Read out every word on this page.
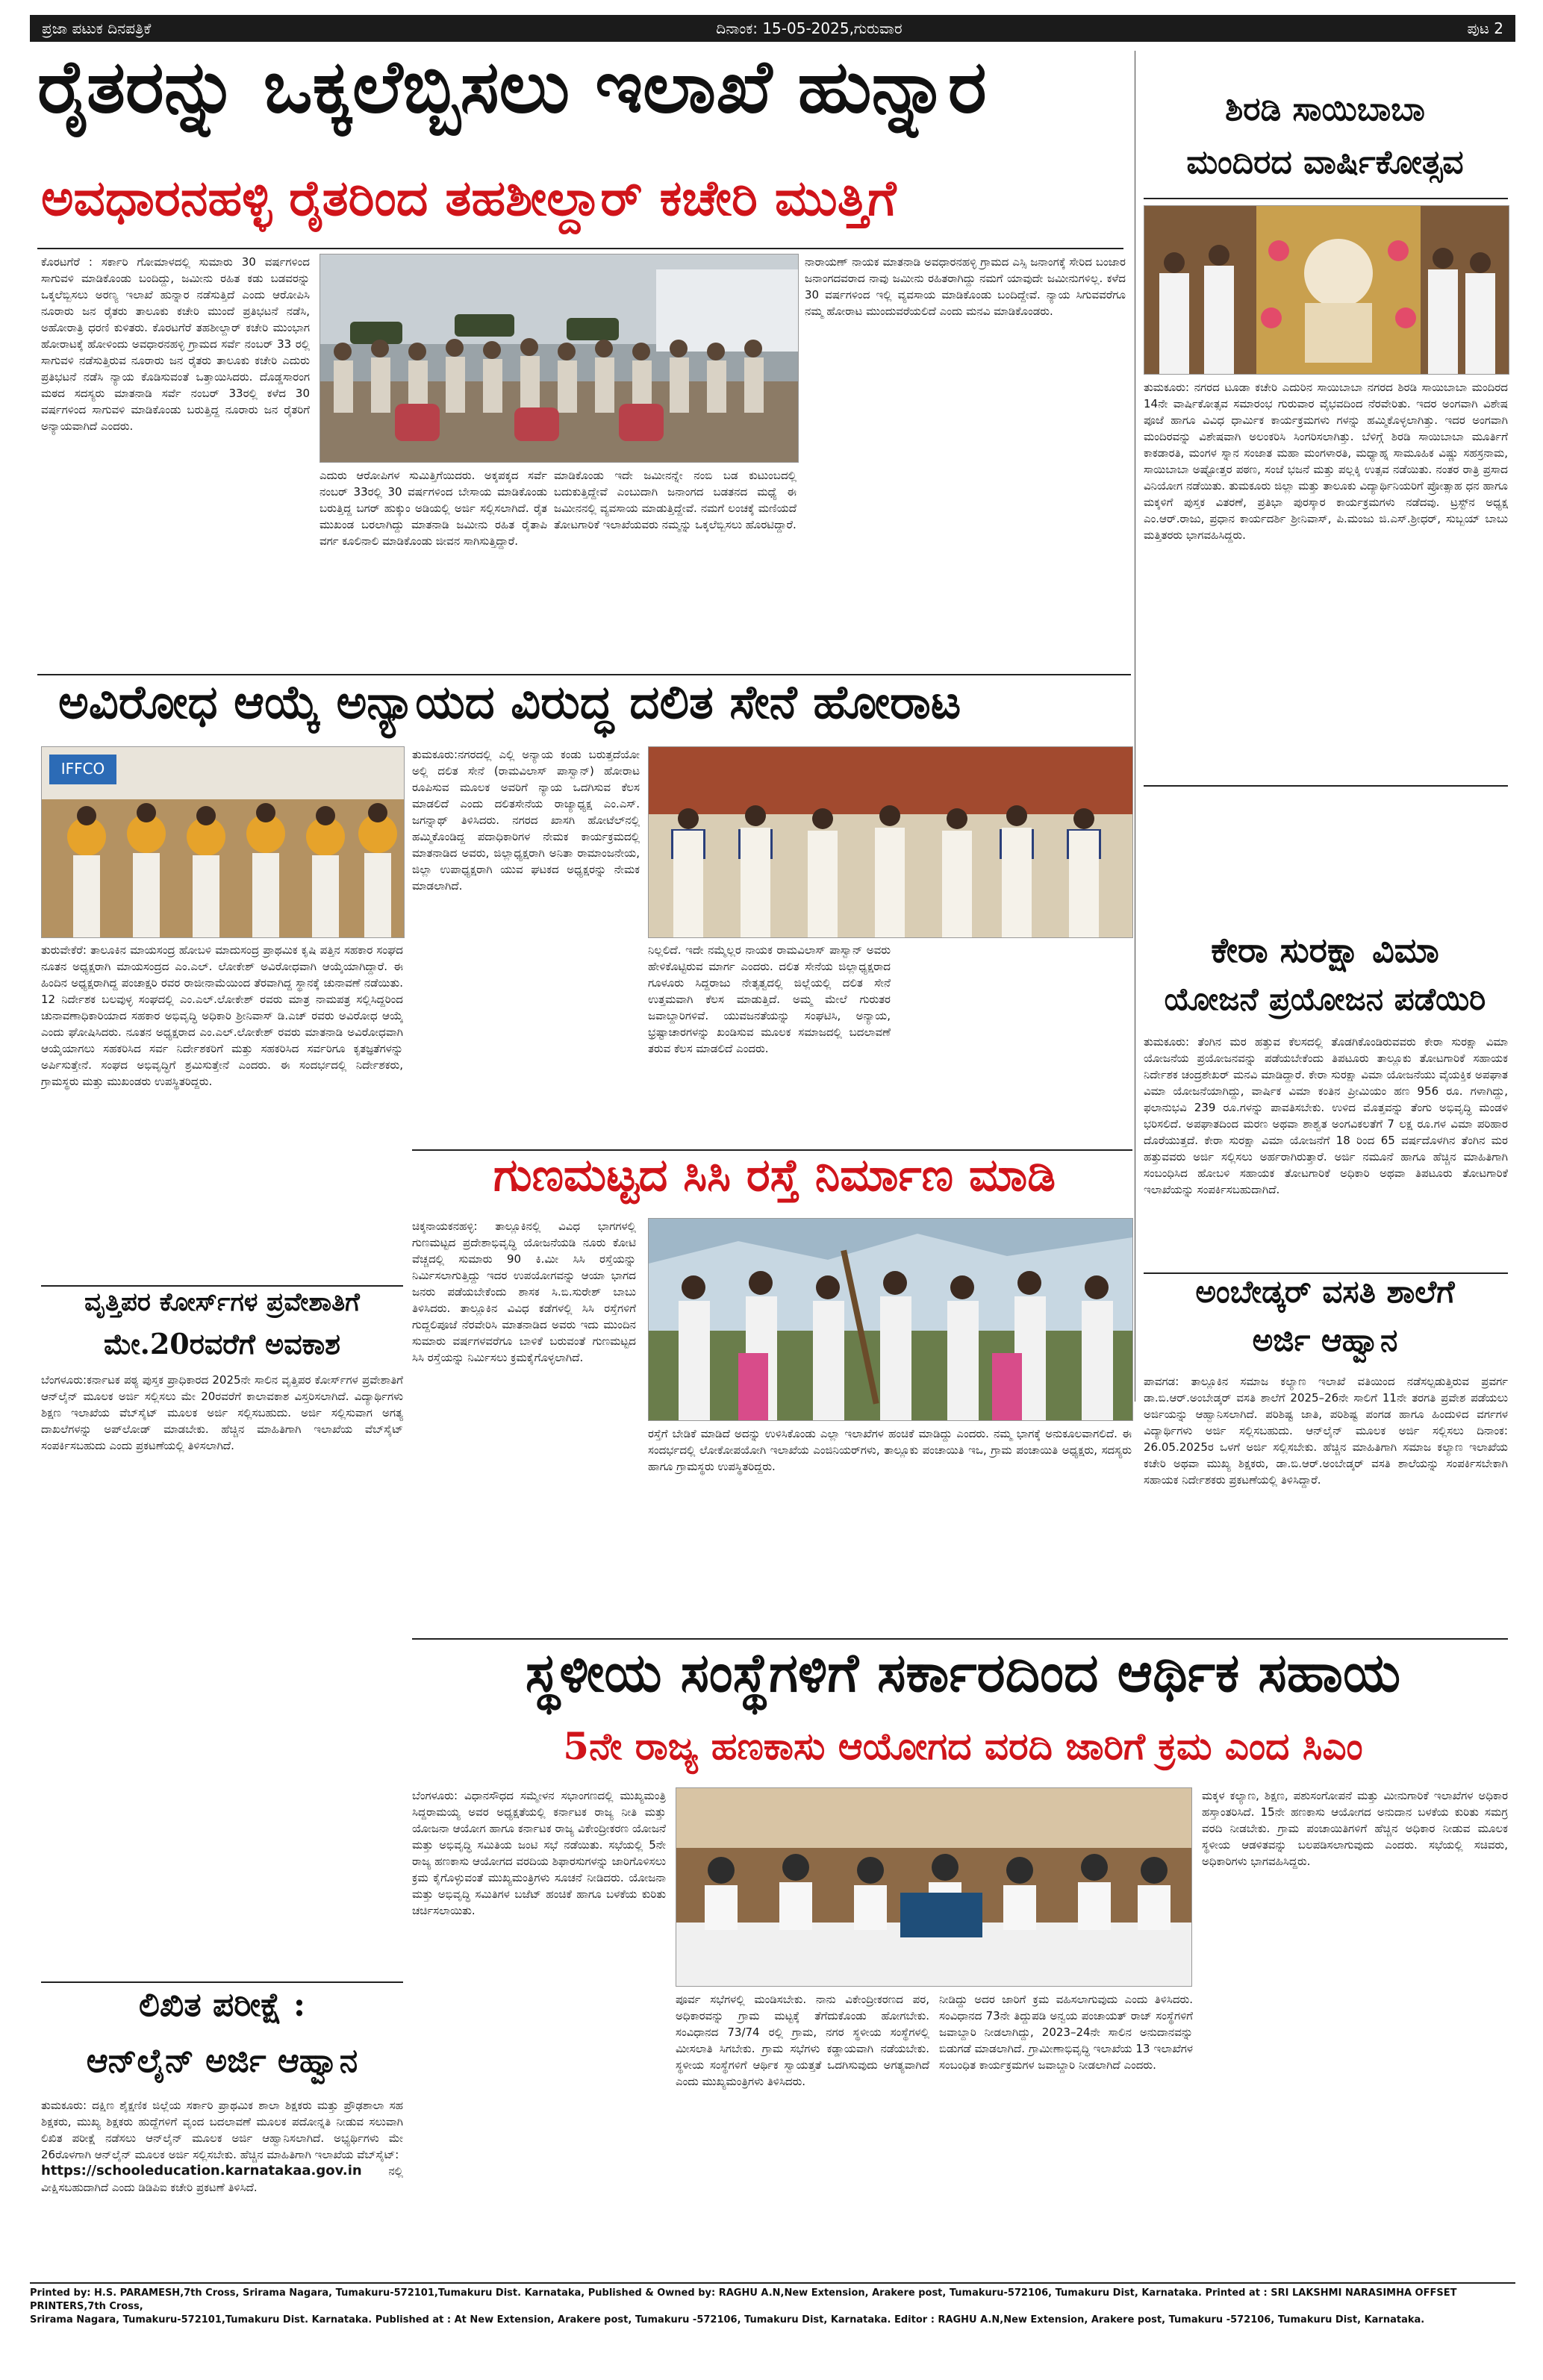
ಪ್ರಜಾ ಪಟುಕ ದಿನಪತ್ರಿಕೆ	ದಿನಾಂಕ: 15-05-2025,ಗುರುವಾರ	ಪುಟ 2
ರೈತರನ್ನು ಒಕ್ಕಲೆಬ್ಬಿಸಲು ಇಲಾಖೆ ಹುನ್ನಾರ
ಅವಧಾರನಹಳ್ಳಿ ರೈತರಿಂದ ತಹಶೀಲ್ದಾರ್ ಕಚೇರಿ ಮುತ್ತಿಗೆ
ಕೊರಟಗೆರೆ : ಸರ್ಕಾರಿ ಗೋಮಾಳದಲ್ಲಿ ಸುಮಾರು 30 ವರ್ಷಗಳಿಂದ ಸಾಗುವಳಿ ಮಾಡಿಕೊಂಡು ಬಂದಿದ್ದು, ಜಮೀನು ರಹಿತ ಕಡು ಬಡವರನ್ನು ಒಕ್ಕಲೆಬ್ಬಿಸಲು ಅರಣ್ಯ ಇಲಾಖೆ ಹುನ್ನಾರ ನಡೆಸುತ್ತಿದೆ ಎಂದು ಆರೋಪಿಸಿ ನೂರಾರು ಜನ ರೈತರು ತಾಲೂಕು ಕಚೇರಿ ಮುಂದೆ ಪ್ರತಿಭಟನೆ ನಡೆಸಿ, ಅಹೋರಾತ್ರಿ ಧರಣಿ ಕುಳಿತರು. ಕೊರಟಗೆರೆ ತಹಶೀಲ್ದಾರ್ ಕಚೇರಿ ಮುಂಭಾಗ ಹೋರಾಟಕ್ಕೆ ಹೋಳಿಂದು ಅವಧಾರನಹಳ್ಳಿ ಗ್ರಾಮದ ಸರ್ವೆ ನಂಬರ್ 33 ರಲ್ಲಿ ಸಾಗುವಳಿ ನಡೆಸುತ್ತಿರುವ ನೂರಾರು ಜನ ರೈತರು ತಾಲೂಕು ಕಚೇರಿ ಎದುರು ಪ್ರತಿಭಟನೆ ನಡೆಸಿ ನ್ಯಾಯ ಕೊಡಿಸುವಂತೆ ಒತ್ತಾಯಿಸಿದರು. ದೊಡ್ಡಸಾರಂಗ ಮಠದ ಸದಸ್ಯರು ಮಾತನಾಡಿ ಸರ್ವೆ ನಂಬರ್ 33ರಲ್ಲಿ ಕಳೆದ 30 ವರ್ಷಗಳಿಂದ ಸಾಗುವಳಿ ಮಾಡಿಕೊಂಡು ಬರುತ್ತಿದ್ದ ನೂರಾರು ಜನ ರೈತರಿಗೆ ಅನ್ಯಾಯವಾಗಿದೆ ಎಂದರು.
ಎದುರು ಆರೋಪಿಗಳ ಸುಮಿತ್ತಿಗೆಯಿದರು. ಅಕ್ಕಪಕ್ಕದ ಸರ್ವೆ ನಂಬರ್ 33ರಲ್ಲಿ 30 ವರ್ಷಗಳಿಂದ ಬೇಸಾಯ ಮಾಡಿಕೊಂಡು ಬರುತ್ತಿದ್ದ ಬಗರ್ ಹುಕ್ಕುಂ ಅಡಿಯಲ್ಲಿ ಅರ್ಜಿ ಸಲ್ಲಿಸಲಾಗಿದೆ. ರೈತ ಮುಖಂಡ ಬರಲಾಗಿದ್ದು ಮಾತನಾಡಿ ಜಮೀನು ರಹಿತ ರೈತಾಪಿ ವರ್ಗ ಕೂಲಿನಾಲಿ ಮಾಡಿಕೊಂಡು ಜೀವನ ಸಾಗಿಸುತ್ತಿದ್ದಾರೆ.
ಮಾಡಿಕೊಂಡು ಇದೇ ಜಮೀನನ್ನೇ ನಂಬಿ ಬಡ ಕುಟುಂಬದಲ್ಲಿ ಬದುಕುತ್ತಿದ್ದೇವೆ ಎಂಬುದಾಗಿ ಜನಾಂಗದ ಬಡತನದ ಮಧ್ಯೆ ಈ ಜಮೀನನಲ್ಲಿ ವ್ಯವಸಾಯ ಮಾಡುತ್ತಿದ್ದೇವೆ. ನಮಗೆ ಲಂಚಕ್ಕೆ ಮಣಿಯದೆ ತೋಟಗಾರಿಕೆ ಇಲಾಖೆಯವರು ನಮ್ಮನ್ನು ಒಕ್ಕಲೆಬ್ಬಿಸಲು ಹೊರಟಿದ್ದಾರೆ.
ನಾರಾಯಣ್ ನಾಯಕ ಮಾತನಾಡಿ ಅವಧಾರನಹಳ್ಳಿ ಗ್ರಾಮದ ಎಸ್ಸಿ ಜನಾಂಗಕ್ಕೆ ಸೇರಿದ ಬಂಜಾರ ಜನಾಂಗದವರಾದ ನಾವು ಜಮೀನು ರಹಿತರಾಗಿದ್ದು ನಮಗೆ ಯಾವುದೇ ಜಮೀನುಗಳಿಲ್ಲ. ಕಳೆದ 30 ವರ್ಷಗಳಿಂದ ಇಲ್ಲಿ ವ್ಯವಸಾಯ ಮಾಡಿಕೊಂಡು ಬಂದಿದ್ದೇವೆ. ನ್ಯಾಯ ಸಿಗುವವರೆಗೂ ನಮ್ಮ ಹೋರಾಟ ಮುಂದುವರೆಯಲಿದೆ ಎಂದು ಮನವಿ ಮಾಡಿಕೊಂಡರು.
ಶಿರಡಿ ಸಾಯಿಬಾಬಾ
ಮಂದಿರದ ವಾರ್ಷಿಕೋತ್ಸವ
ತುಮಕೂರು: ನಗರದ ಟೂಡಾ ಕಚೇರಿ ಎದುರಿನ ಸಾಯಿಬಾಬಾ ನಗರದ ಶಿರಡಿ ಸಾಯಿಬಾಬಾ ಮಂದಿರದ 14ನೇ ವಾರ್ಷಿಕೋತ್ಸವ ಸಮಾರಂಭ ಗುರುವಾರ ವೈಭವದಿಂದ ನೆರವೇರಿತು. ಇದರ ಅಂಗವಾಗಿ ವಿಶೇಷ ಪೂಜೆ ಹಾಗೂ ವಿವಿಧ ಧಾರ್ಮಿಕ ಕಾರ್ಯಕ್ರಮಗಳು ಗಳನ್ನು ಹಮ್ಮಿಕೊಳ್ಳಲಾಗಿತ್ತು. ಇದರ ಅಂಗವಾಗಿ ಮಂದಿರವನ್ನು ವಿಶೇಷವಾಗಿ ಅಲಂಕರಿಸಿ ಸಿಂಗರಿಸಲಾಗಿತ್ತು. ಬೆಳಿಗ್ಗೆ ಶಿರಡಿ ಸಾಯಿಬಾಬಾ ಮೂರ್ತಿಗೆ ಕಾಕಡಾರತಿ, ಮಂಗಳ ಸ್ನಾನ ಸಂಜಾತ ಮಹಾ ಮಂಗಳಾರತಿ, ಮಧ್ಯಾಹ್ನ ಸಾಮೂಹಿಕ ವಿಷ್ಣು ಸಹಸ್ರನಾಮ, ಸಾಯಿಬಾಬಾ ಅಷ್ಟೋತ್ತರ ಪಠಣ, ಸಂಜೆ ಭಜನೆ ಮತ್ತು ಪಲ್ಲಕ್ಕಿ ಉತ್ಸವ ನಡೆಯಿತು. ನಂತರ ರಾತ್ರಿ ಪ್ರಸಾದ ವಿನಿಯೋಗ ನಡೆಯಿತು. ತುಮಕೂರು ಜಿಲ್ಲಾ ಮತ್ತು ತಾಲೂಕು ವಿದ್ಯಾರ್ಥಿನಿಯರಿಗೆ ಪ್ರೋತ್ಸಾಹ ಧನ ಹಾಗೂ ಮಕ್ಕಳಿಗೆ ಪುಸ್ತಕ ವಿತರಣೆ, ಪ್ರತಿಭಾ ಪುರಸ್ಕಾರ ಕಾರ್ಯಕ್ರಮಗಳು ನಡೆದವು. ಟ್ರಸ್ಟ್‌ನ ಅಧ್ಯಕ್ಷ ಎಂ.ಆರ್.ರಾಜು, ಪ್ರಧಾನ ಕಾರ್ಯದರ್ಶಿ ಶ್ರೀನಿವಾಸ್, ಪಿ.ಮಂಜು ಜಿ.ಎಸ್.ಶ್ರೀಧರ್, ಸುಬ್ಬಯ್ ಬಾಬು ಮತ್ತಿತರರು ಭಾಗವಹಿಸಿದ್ದರು.
ಅವಿರೋಧ ಆಯ್ಕೆ ಅನ್ಯಾಯದ ವಿರುದ್ಧ ದಲಿತ ಸೇನೆ ಹೋರಾಟ
IFFCO
ತುರುವೇಕೆರೆ: ತಾಲೂಕಿನ ಮಾಯಸಂದ್ರ ಹೋಬಳಿ ಮಾದುಸಂದ್ರ ಪ್ರಾಥಮಿಕ ಕೃಷಿ ಪತ್ತಿನ ಸಹಕಾರ ಸಂಘದ ನೂತನ ಅಧ್ಯಕ್ಷರಾಗಿ ಮಾಯಸಂದ್ರದ ಎಂ.ಎಲ್. ಲೋಕೇಶ್ ಅವಿರೋಧವಾಗಿ ಆಯ್ಕೆಯಾಗಿದ್ದಾರೆ. ಈ ಹಿಂದಿನ ಅಧ್ಯಕ್ಷರಾಗಿದ್ದ ಪಂಚಾಕ್ಷರಿ ರವರ ರಾಜೀನಾಮೆಯಿಂದ ತೆರವಾಗಿದ್ದ ಸ್ಥಾನಕ್ಕೆ ಚುನಾವಣೆ ನಡೆಯಿತು. 12 ನಿರ್ದೇಶಕ ಬಲವುಳ್ಳ ಸಂಘದಲ್ಲಿ ಎಂ.ಎಲ್.ಲೋಕೇಶ್ ರವರು ಮಾತ್ರ ನಾಮಪತ್ರ ಸಲ್ಲಿಸಿದ್ದರಿಂದ ಚುನಾವಣಾಧಿಕಾರಿಯಾದ ಸಹಕಾರ ಅಭಿವೃದ್ಧಿ ಅಧಿಕಾರಿ ಶ್ರೀನಿವಾಸ್ ಡಿ.ಎಚ್ ರವರು ಅವಿರೋಧ ಆಯ್ಕೆ ಎಂದು ಘೋಷಿಸಿದರು. ನೂತನ ಅಧ್ಯಕ್ಷರಾದ ಎಂ.ಎಲ್.ಲೋಕೇಶ್ ರವರು ಮಾತನಾಡಿ ಅವಿರೋಧವಾಗಿ ಆಯ್ಕೆಯಾಗಲು ಸಹಕರಿಸಿದ ಸರ್ವ ನಿರ್ದೇಶಕರಿಗೆ ಮತ್ತು ಸಹಕರಿಸಿದ ಸರ್ವರಿಗೂ ಕೃತಜ್ಞತೆಗಳನ್ನು ಅರ್ಪಿಸುತ್ತೇನೆ. ಸಂಘದ ಅಭಿವೃದ್ಧಿಗೆ ಶ್ರಮಿಸುತ್ತೇನೆ ಎಂದರು. ಈ ಸಂದರ್ಭದಲ್ಲಿ ನಿರ್ದೇಶಕರು, ಗ್ರಾಮಸ್ಥರು ಮತ್ತು ಮುಖಂಡರು ಉಪಸ್ಥಿತರಿದ್ದರು.
ತುಮಕೂರು:ನಗರದಲ್ಲಿ ಎಲ್ಲಿ ಅನ್ಯಾಯ ಕಂಡು ಬರುತ್ತದೆಯೋ ಅಲ್ಲಿ ದಲಿತ ಸೇನೆ (ರಾಮವಿಲಾಸ್ ಪಾಸ್ವಾನ್) ಹೋರಾಟ ರೂಪಿಸುವ ಮೂಲಕ ಅವರಿಗೆ ನ್ಯಾಯ ಒದಗಿಸುವ ಕೆಲಸ ಮಾಡಲಿದೆ ಎಂದು ದಲಿತಸೇನೆಯ ರಾಜ್ಯಾಧ್ಯಕ್ಷ ಎಂ.ಎಸ್. ಜಗನ್ನಾಥ್ ತಿಳಿಸಿದರು. ನಗರದ ಖಾಸಗಿ ಹೋಟೆಲ್‌ನಲ್ಲಿ ಹಮ್ಮಿಕೊಂಡಿದ್ದ ಪದಾಧಿಕಾರಿಗಳ ನೇಮಕ ಕಾರ್ಯಕ್ರಮದಲ್ಲಿ ಮಾತನಾಡಿದ ಅವರು, ಜಿಲ್ಲಾಧ್ಯಕ್ಷರಾಗಿ ಅನಿತಾ ರಾಮಾಂಜನೇಯ, ಜಿಲ್ಲಾ ಉಪಾಧ್ಯಕ್ಷರಾಗಿ ಯುವ ಘಟಕದ ಅಧ್ಯಕ್ಷರನ್ನು ನೇಮಕ ಮಾಡಲಾಗಿದೆ.
ನಿಲ್ಲಲಿದೆ. ಇದೇ ನಮ್ಮೆಲ್ಲರ ನಾಯಕ ರಾಮವಿಲಾಸ್ ಪಾಸ್ವಾನ್ ಅವರು ಹೇಳಿಕೊಟ್ಟಿರುವ ಮಾರ್ಗ ಎಂದರು. ದಲಿತ ಸೇನೆಯ ಜಿಲ್ಲಾಧ್ಯಕ್ಷರಾದ ಗೂಳೂರು ಸಿದ್ದರಾಜು ನೇತೃತ್ವದಲ್ಲಿ ಜಿಲ್ಲೆಯಲ್ಲಿ ದಲಿತ ಸೇನೆ ಉತ್ತಮವಾಗಿ ಕೆಲಸ ಮಾಡುತ್ತಿದೆ. ಅಮ್ಮ ಮೇಲೆ ಗುರುತರ ಜವಾಬ್ದಾರಿಗಳಿವೆ. ಯುವಜನತೆಯನ್ನು ಸಂಘಟಿಸಿ, ಅನ್ಯಾಯ, ಭ್ರಷ್ಟಾಚಾರಗಳನ್ನು ಖಂಡಿಸುವ ಮೂಲಕ ಸಮಾಜದಲ್ಲಿ ಬದಲಾವಣೆ ತರುವ ಕೆಲಸ ಮಾಡಲಿದೆ ಎಂದರು.
ಕೇರಾ ಸುರಕ್ಷಾ ವಿಮಾ
ಯೋಜನೆ ಪ್ರಯೋಜನ ಪಡೆಯಿರಿ
ತುಮಕೂರು: ತೆಂಗಿನ ಮರ ಹತ್ತುವ ಕೆಲಸದಲ್ಲಿ ತೊಡಗಿಕೊಂಡಿರುವವರು ಕೇರಾ ಸುರಕ್ಷಾ ವಿಮಾ ಯೋಜನೆಯ ಪ್ರಯೋಜನವನ್ನು ಪಡೆಯಬೇಕೆಂದು ತಿಪಟೂರು ತಾಲ್ಲೂಕು ತೋಟಗಾರಿಕೆ ಸಹಾಯಕ ನಿರ್ದೇಶಕ ಚಂದ್ರಶೇಖರ್ ಮನವಿ ಮಾಡಿದ್ದಾರೆ. ಕೇರಾ ಸುರಕ್ಷಾ ವಿಮಾ ಯೋಜನೆಯು ವೈಯಕ್ತಿಕ ಅಪಘಾತ ವಿಮಾ ಯೋಜನೆಯಾಗಿದ್ದು, ವಾರ್ಷಿಕ ವಿಮಾ ಕಂತಿನ ಪ್ರೀಮಿಯಂ ಹಣ 956 ರೂ. ಗಳಾಗಿದ್ದು, ಫಲಾನುಭವಿ 239 ರೂ.ಗಳನ್ನು ಪಾವತಿಸಬೇಕು. ಉಳಿದ ಮೊತ್ತವನ್ನು ತೆಂಗು ಅಭಿವೃದ್ಧಿ ಮಂಡಳಿ ಭರಿಸಲಿದೆ. ಅಪಘಾತದಿಂದ ಮರಣ ಅಥವಾ ಶಾಶ್ವತ ಅಂಗವಿಕಲತೆಗೆ 7 ಲಕ್ಷ ರೂ.ಗಳ ವಿಮಾ ಪರಿಹಾರ ದೊರೆಯುತ್ತದೆ. ಕೇರಾ ಸುರಕ್ಷಾ ವಿಮಾ ಯೋಜನೆಗೆ 18 ರಿಂದ 65 ವರ್ಷದೊಳಗಿನ ತೆಂಗಿನ ಮರ ಹತ್ತುವವರು ಅರ್ಜಿ ಸಲ್ಲಿಸಲು ಅರ್ಹರಾಗಿರುತ್ತಾರೆ. ಅರ್ಜಿ ನಮೂನೆ ಹಾಗೂ ಹೆಚ್ಚಿನ ಮಾಹಿತಿಗಾಗಿ ಸಂಬಂಧಿಸಿದ ಹೋಬಳಿ ಸಹಾಯಕ ತೋಟಗಾರಿಕೆ ಅಧಿಕಾರಿ ಅಥವಾ ತಿಪಟೂರು ತೋಟಗಾರಿಕೆ ಇಲಾಖೆಯನ್ನು ಸಂಪರ್ಕಿಸಬಹುದಾಗಿದೆ.
ಅಂಬೇಡ್ಕರ್ ವಸತಿ ಶಾಲೆಗೆ
ಅರ್ಜಿ ಆಹ್ವಾನ
ಪಾವಗಡ: ತಾಲ್ಲೂಕಿನ ಸಮಾಜ ಕಲ್ಯಾಣ ಇಲಾಖೆ ವತಿಯಿಂದ ನಡೆಸಲ್ಪಡುತ್ತಿರುವ ಪ್ರವರ್ಗ ಡಾ.ಬಿ.ಆರ್.ಅಂಬೇಡ್ಕರ್ ವಸತಿ ಶಾಲೆಗೆ 2025–26ನೇ ಸಾಲಿಗೆ 11ನೇ ತರಗತಿ ಪ್ರವೇಶ ಪಡೆಯಲು ಅರ್ಜಿಯನ್ನು ಆಹ್ವಾನಿಸಲಾಗಿದೆ. ಪರಿಶಿಷ್ಟ ಜಾತಿ, ಪರಿಶಿಷ್ಟ ಪಂಗಡ ಹಾಗೂ ಹಿಂದುಳಿದ ವರ್ಗಗಳ ವಿದ್ಯಾರ್ಥಿಗಳು ಅರ್ಜಿ ಸಲ್ಲಿಸಬಹುದು. ಆನ್‌ಲೈನ್ ಮೂಲಕ ಅರ್ಜಿ ಸಲ್ಲಿಸಲು ದಿನಾಂಕ: 26.05.2025ರ ಒಳಗೆ ಅರ್ಜಿ ಸಲ್ಲಿಸಬೇಕು. ಹೆಚ್ಚಿನ ಮಾಹಿತಿಗಾಗಿ ಸಮಾಜ ಕಲ್ಯಾಣ ಇಲಾಖೆಯ ಕಚೇರಿ ಅಥವಾ ಮುಖ್ಯ ಶಿಕ್ಷಕರು, ಡಾ.ಬಿ.ಆರ್.ಅಂಬೇಡ್ಕರ್ ವಸತಿ ಶಾಲೆಯನ್ನು ಸಂಪರ್ಕಿಸಬೇಕಾಗಿ ಸಹಾಯಕ ನಿರ್ದೇಶಕರು ಪ್ರಕಟಣೆಯಲ್ಲಿ ತಿಳಿಸಿದ್ದಾರೆ.
ಗುಣಮಟ್ಟದ ಸಿಸಿ ರಸ್ತೆ ನಿರ್ಮಾಣ ಮಾಡಿ
ಚಿಕ್ಕನಾಯಕನಹಳ್ಳಿ: ತಾಲ್ಲೂಕಿನಲ್ಲಿ ವಿವಿಧ ಭಾಗಗಳಲ್ಲಿ ಗುಣಮಟ್ಟದ ಪ್ರದೇಶಾಭಿವೃದ್ಧಿ ಯೋಜನೆಯಡಿ ನೂರು ಕೋಟಿ ವೆಚ್ಚದಲ್ಲಿ ಸುಮಾರು 90 ಕಿ.ಮೀ ಸಿಸಿ ರಸ್ತೆಯನ್ನು ನಿರ್ಮಿಸಲಾಗುತ್ತಿದ್ದು ಇದರ ಉಪಯೋಗವನ್ನು ಆಯಾ ಭಾಗದ ಜನರು ಪಡೆಯಬೇಕೆಂದು ಶಾಸಕ ಸಿ.ಬಿ.ಸುರೇಶ್ ಬಾಬು ತಿಳಿಸಿದರು. ತಾಲ್ಲೂಕಿನ ವಿವಿಧ ಕಡೆಗಳಲ್ಲಿ ಸಿಸಿ ರಸ್ತೆಗಳಿಗೆ ಗುದ್ದಲಿಪೂಜೆ ನೆರವೇರಿಸಿ ಮಾತನಾಡಿದ ಅವರು ಇದು ಮುಂದಿನ ಸುಮಾರು ವರ್ಷಗಳವರೆಗೂ ಬಾಳಿಕೆ ಬರುವಂತೆ ಗುಣಮಟ್ಟದ ಸಿಸಿ ರಸ್ತೆಯನ್ನು ನಿರ್ಮಿಸಲು ಕ್ರಮಕೈಗೊಳ್ಳಲಾಗಿದೆ.
ರಸ್ತೆಗೆ ಬೇಡಿಕೆ ಮಾಡಿದೆ ಅದನ್ನು ಉಳಿಸಿಕೊಂಡು ಎಲ್ಲಾ ಇಲಾಖೆಗಳ ಹಂಚಿಕೆ ಮಾಡಿದ್ದು ಎಂದರು. ನಮ್ಮ ಭಾಗಕ್ಕೆ ಅನುಕೂಲವಾಗಲಿದೆ. ಈ ಸಂದರ್ಭದಲ್ಲಿ ಲೋಕೋಪಯೋಗಿ ಇಲಾಖೆಯ ಎಂಜಿನಿಯರ್‌ಗಳು, ತಾಲ್ಲೂಕು ಪಂಚಾಯಿತಿ ಇಒ, ಗ್ರಾಮ ಪಂಚಾಯಿತಿ ಅಧ್ಯಕ್ಷರು, ಸದಸ್ಯರು ಹಾಗೂ ಗ್ರಾಮಸ್ಥರು ಉಪಸ್ಥಿತರಿದ್ದರು.
ವೃತ್ತಿಪರ ಕೋರ್ಸ್‌ಗಳ ಪ್ರವೇಶಾತಿಗೆ
ಮೇ.20ರವರೆಗೆ ಅವಕಾಶ
ಬೆಂಗಳೂರು:ಕರ್ನಾಟಕ ಪಠ್ಯ ಪುಸ್ತಕ ಪ್ರಾಧಿಕಾರದ 2025ನೇ ಸಾಲಿನ ವೃತ್ತಿಪರ ಕೋರ್ಸ್‌ಗಳ ಪ್ರವೇಶಾತಿಗೆ ಆನ್‌ಲೈನ್ ಮೂಲಕ ಅರ್ಜಿ ಸಲ್ಲಿಸಲು ಮೇ 20ರವರೆಗೆ ಕಾಲಾವಕಾಶ ವಿಸ್ತರಿಸಲಾಗಿದೆ. ವಿದ್ಯಾರ್ಥಿಗಳು ಶಿಕ್ಷಣ ಇಲಾಖೆಯ ವೆಬ್‌ಸೈಟ್ ಮೂಲಕ ಅರ್ಜಿ ಸಲ್ಲಿಸಬಹುದು. ಅರ್ಜಿ ಸಲ್ಲಿಸುವಾಗ ಅಗತ್ಯ ದಾಖಲೆಗಳನ್ನು ಅಪ್‌ಲೋಡ್ ಮಾಡಬೇಕು. ಹೆಚ್ಚಿನ ಮಾಹಿತಿಗಾಗಿ ಇಲಾಖೆಯ ವೆಬ್‌ಸೈಟ್ ಸಂಪರ್ಕಿಸಬಹುದು ಎಂದು ಪ್ರಕಟಣೆಯಲ್ಲಿ ತಿಳಿಸಲಾಗಿದೆ.
ಲಿಖಿತ ಪರೀಕ್ಷೆ :
ಆನ್‌ಲೈನ್ ಅರ್ಜಿ ಆಹ್ವಾನ
ತುಮಕೂರು: ದಕ್ಷಿಣ ಶೈಕ್ಷಣಿಕ ಜಿಲ್ಲೆಯ ಸರ್ಕಾರಿ ಪ್ರಾಥಮಿಕ ಶಾಲಾ ಶಿಕ್ಷಕರು ಮತ್ತು ಪ್ರೌಢಶಾಲಾ ಸಹ ಶಿಕ್ಷಕರು, ಮುಖ್ಯ ಶಿಕ್ಷಕರು ಹುದ್ದೆಗಳಿಗೆ ವೃಂದ ಬದಲಾವಣೆ ಮೂಲಕ ಪದೋನ್ನತಿ ನೀಡುವ ಸಲುವಾಗಿ ಲಿಖಿತ ಪರೀಕ್ಷೆ ನಡೆಸಲು ಆನ್‌ಲೈನ್ ಮೂಲಕ ಅರ್ಜಿ ಆಹ್ವಾನಿಸಲಾಗಿದೆ. ಅಭ್ಯರ್ಥಿಗಳು ಮೇ 26ರೊಳಗಾಗಿ ಆನ್‌ಲೈನ್ ಮೂಲಕ ಅರ್ಜಿ ಸಲ್ಲಿಸಬೇಕು. ಹೆಚ್ಚಿನ ಮಾಹಿತಿಗಾಗಿ ಇಲಾಖೆಯ ವೆಬ್‌ಸೈಟ್:
https://schooleducation.karnatakaa.gov.in ನಲ್ಲಿ ವೀಕ್ಷಿಸಬಹುದಾಗಿದೆ ಎಂದು ಡಿಡಿಪಿಐ ಕಚೇರಿ ಪ್ರಕಟಣೆ ತಿಳಿಸಿದೆ.
ಸ್ಥಳೀಯ ಸಂಸ್ಥೆಗಳಿಗೆ ಸರ್ಕಾರದಿಂದ ಆರ್ಥಿಕ ಸಹಾಯ
5ನೇ ರಾಜ್ಯ ಹಣಕಾಸು ಆಯೋಗದ ವರದಿ ಜಾರಿಗೆ ಕ್ರಮ ಎಂದ ಸಿಎಂ
ಬೆಂಗಳೂರು: ವಿಧಾನಸೌಧದ ಸಮ್ಮೇಳನ ಸಭಾಂಗಣದಲ್ಲಿ ಮುಖ್ಯಮಂತ್ರಿ ಸಿದ್ದರಾಮಯ್ಯ ಅವರ ಅಧ್ಯಕ್ಷತೆಯಲ್ಲಿ ಕರ್ನಾಟಕ ರಾಜ್ಯ ನೀತಿ ಮತ್ತು ಯೋಜನಾ ಆಯೋಗ ಹಾಗೂ ಕರ್ನಾಟಕ ರಾಜ್ಯ ವಿಕೇಂದ್ರೀಕರಣ ಯೋಜನೆ ಮತ್ತು ಅಭಿವೃದ್ಧಿ ಸಮಿತಿಯ ಜಂಟಿ ಸಭೆ ನಡೆಯಿತು. ಸಭೆಯಲ್ಲಿ 5ನೇ ರಾಜ್ಯ ಹಣಕಾಸು ಆಯೋಗದ ವರದಿಯ ಶಿಫಾರಸುಗಳನ್ನು ಜಾರಿಗೊಳಿಸಲು ಕ್ರಮ ಕೈಗೊಳ್ಳುವಂತೆ ಮುಖ್ಯಮಂತ್ರಿಗಳು ಸೂಚನೆ ನೀಡಿದರು. ಯೋಜನಾ ಮತ್ತು ಅಭಿವೃದ್ಧಿ ಸಮಿತಿಗಳ ಬಜೆಟ್ ಹಂಚಿಕೆ ಹಾಗೂ ಬಳಕೆಯ ಕುರಿತು ಚರ್ಚಿಸಲಾಯಿತು.
ಪೂರ್ವ ಸಭೆಗಳಲ್ಲಿ ಮಂಡಿಸಬೇಕು. ನಾನು ವಿಕೇಂದ್ರೀಕರಣದ ಪರ, ಅಧಿಕಾರವನ್ನು ಗ್ರಾಮ ಮಟ್ಟಕ್ಕೆ ತೆಗೆದುಕೊಂಡು ಹೋಗಬೇಕು. ಸಂವಿಧಾನದ 73/74 ರಲ್ಲಿ ಗ್ರಾಮ, ನಗರ ಸ್ಥಳೀಯ ಸಂಸ್ಥೆಗಳಲ್ಲಿ ಮೀಸಲಾತಿ ಸಿಗಬೇಕು. ಗ್ರಾಮ ಸಭೆಗಳು ಕಡ್ಡಾಯವಾಗಿ ನಡೆಯಬೇಕು. ಸ್ಥಳೀಯ ಸಂಸ್ಥೆಗಳಿಗೆ ಆರ್ಥಿಕ ಸ್ವಾಯತ್ತತೆ ಒದಗಿಸುವುದು ಅಗತ್ಯವಾಗಿದೆ ಎಂದು ಮುಖ್ಯಮಂತ್ರಿಗಳು ತಿಳಿಸಿದರು.
ನೀಡಿದ್ದು ಅದರ ಜಾರಿಗೆ ಕ್ರಮ ವಹಿಸಲಾಗುವುದು ಎಂದು ತಿಳಿಸಿದರು. ಸಂವಿಧಾನದ 73ನೇ ತಿದ್ದುಪಡಿ ಅನ್ವಯ ಪಂಚಾಯತ್ ರಾಜ್ ಸಂಸ್ಥೆಗಳಿಗೆ ಜವಾಬ್ದಾರಿ ನೀಡಲಾಗಿದ್ದು, 2023–24ನೇ ಸಾಲಿನ ಅನುದಾನವನ್ನು ಬಿಡುಗಡೆ ಮಾಡಲಾಗಿದೆ. ಗ್ರಾಮೀಣಾಭಿವೃದ್ಧಿ ಇಲಾಖೆಯ 13 ಇಲಾಖೆಗಳ ಸಂಬಂಧಿತ ಕಾರ್ಯಕ್ರಮಗಳ ಜವಾಬ್ದಾರಿ ನೀಡಲಾಗಿದೆ ಎಂದರು.
ಮಕ್ಕಳ ಕಲ್ಯಾಣ, ಶಿಕ್ಷಣ, ಪಶುಸಂಗೋಪನೆ ಮತ್ತು ಮೀನುಗಾರಿಕೆ ಇಲಾಖೆಗಳ ಅಧಿಕಾರ ಹಸ್ತಾಂತರಿಸಿದೆ. 15ನೇ ಹಣಕಾಸು ಆಯೋಗದ ಅನುದಾನ ಬಳಕೆಯ ಕುರಿತು ಸಮಗ್ರ ವರದಿ ನೀಡಬೇಕು. ಗ್ರಾಮ ಪಂಚಾಯಿತಿಗಳಿಗೆ ಹೆಚ್ಚಿನ ಅಧಿಕಾರ ನೀಡುವ ಮೂಲಕ ಸ್ಥಳೀಯ ಆಡಳಿತವನ್ನು ಬಲಪಡಿಸಲಾಗುವುದು ಎಂದರು. ಸಭೆಯಲ್ಲಿ ಸಚಿವರು, ಅಧಿಕಾರಿಗಳು ಭಾಗವಹಿಸಿದ್ದರು.
Printed by: H.S. PARAMESH,7th Cross, Srirama Nagara, Tumakuru-572101,Tumakuru Dist. Karnataka, Published & Owned by: RAGHU A.N,New Extension, Arakere post, Tumakuru-572106, Tumakuru Dist, Karnataka. Printed at : SRI LAKSHMI NARASIMHA OFFSET PRINTERS,7th Cross,
Srirama Nagara, Tumakuru-572101,Tumakuru Dist. Karnataka. Published at : At New Extension, Arakere post, Tumakuru -572106, Tumakuru Dist, Karnataka. Editor : RAGHU A.N,New Extension, Arakere post, Tumakuru -572106, Tumakuru Dist, Karnataka.
